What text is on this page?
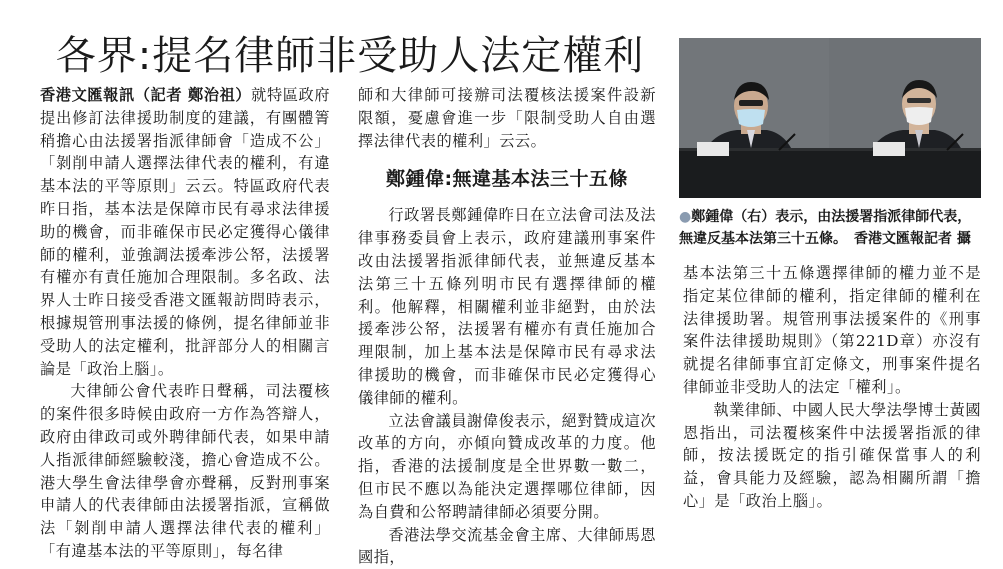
各界:提名律師非受助人法定權利

香港文匯報訊（記者 鄭治祖）就特區政府提出修訂法律援助制度的建議，有團體箐稍擔心由法援署指派律師會「造成不公」「剝削申請人選擇法律代表的權利，有違基本法的平等原則」云云。特區政府代表昨日指，基本法是保障市民有尋求法律援助的機會，而非確保市民必定獲得心儀律師的權利，並強調法援牽涉公帑，法援署有權亦有責任施加合理限制。多名政、法界人士昨日接受香港文匯報訪問時表示，根據規管刑事法援的條例，提名律師並非受助人的法定權利，批評部分人的相關言論是「政治上腦」。

大律師公會代表昨日聲稱，司法覆核的案件很多時候由政府一方作為答辯人，政府由律政司或外聘律師代表，如果申請人指派律師經驗較淺，擔心會造成不公。港大學生會法律學會亦聲稱，反對刑事案申請人的代表律師由法援署指派，宣稱做法「剝削申請人選擇法律代表的權利」「有違基本法的平等原則」，每名律

師和大律師可接辦司法覆核法援案件設新限額，憂慮會進一步「限制受助人自由選擇法律代表的權利」云云。

鄭鍾偉:無違基本法三十五條

行政署長鄭鍾偉昨日在立法會司法及法律事務委員會上表示，政府建議刑事案件改由法援署指派律師代表，並無違反基本法第三十五條列明市民有選擇律師的權利。他解釋，相關權利並非絕對，由於法援牽涉公帑，法援署有權亦有責任施加合理限制，加上基本法是保障市民有尋求法律援助的機會，而非確保市民必定獲得心儀律師的權利。

立法會議員謝偉俊表示，絕對贊成這次改革的方向，亦傾向贊成改革的力度。他指，香港的法援制度是全世界數一數二，但市民不應以為能決定選擇哪位律師，因為自費和公帑聘請律師必須要分開。

香港法學交流基金會主席、大律師馬恩國指，

●鄭鍾偉（右）表示，由法援署指派律師代表，無違反基本法第三十五條。　香港文匯報記者 攝

基本法第三十五條選擇律師的權力並不是指定某位律師的權利，指定律師的權利在法律援助署。規管刑事法援案件的《刑事案件法律援助規則》（第221D章）亦沒有就提名律師事宜訂定條文，刑事案件提名律師並非受助人的法定「權利」。

執業律師、中國人民大學法學博士黃國恩指出，司法覆核案件中法援署指派的律師，按法援既定的指引確保當事人的利益，會具能力及經驗，認為相關所謂「擔心」是「政治上腦」。
